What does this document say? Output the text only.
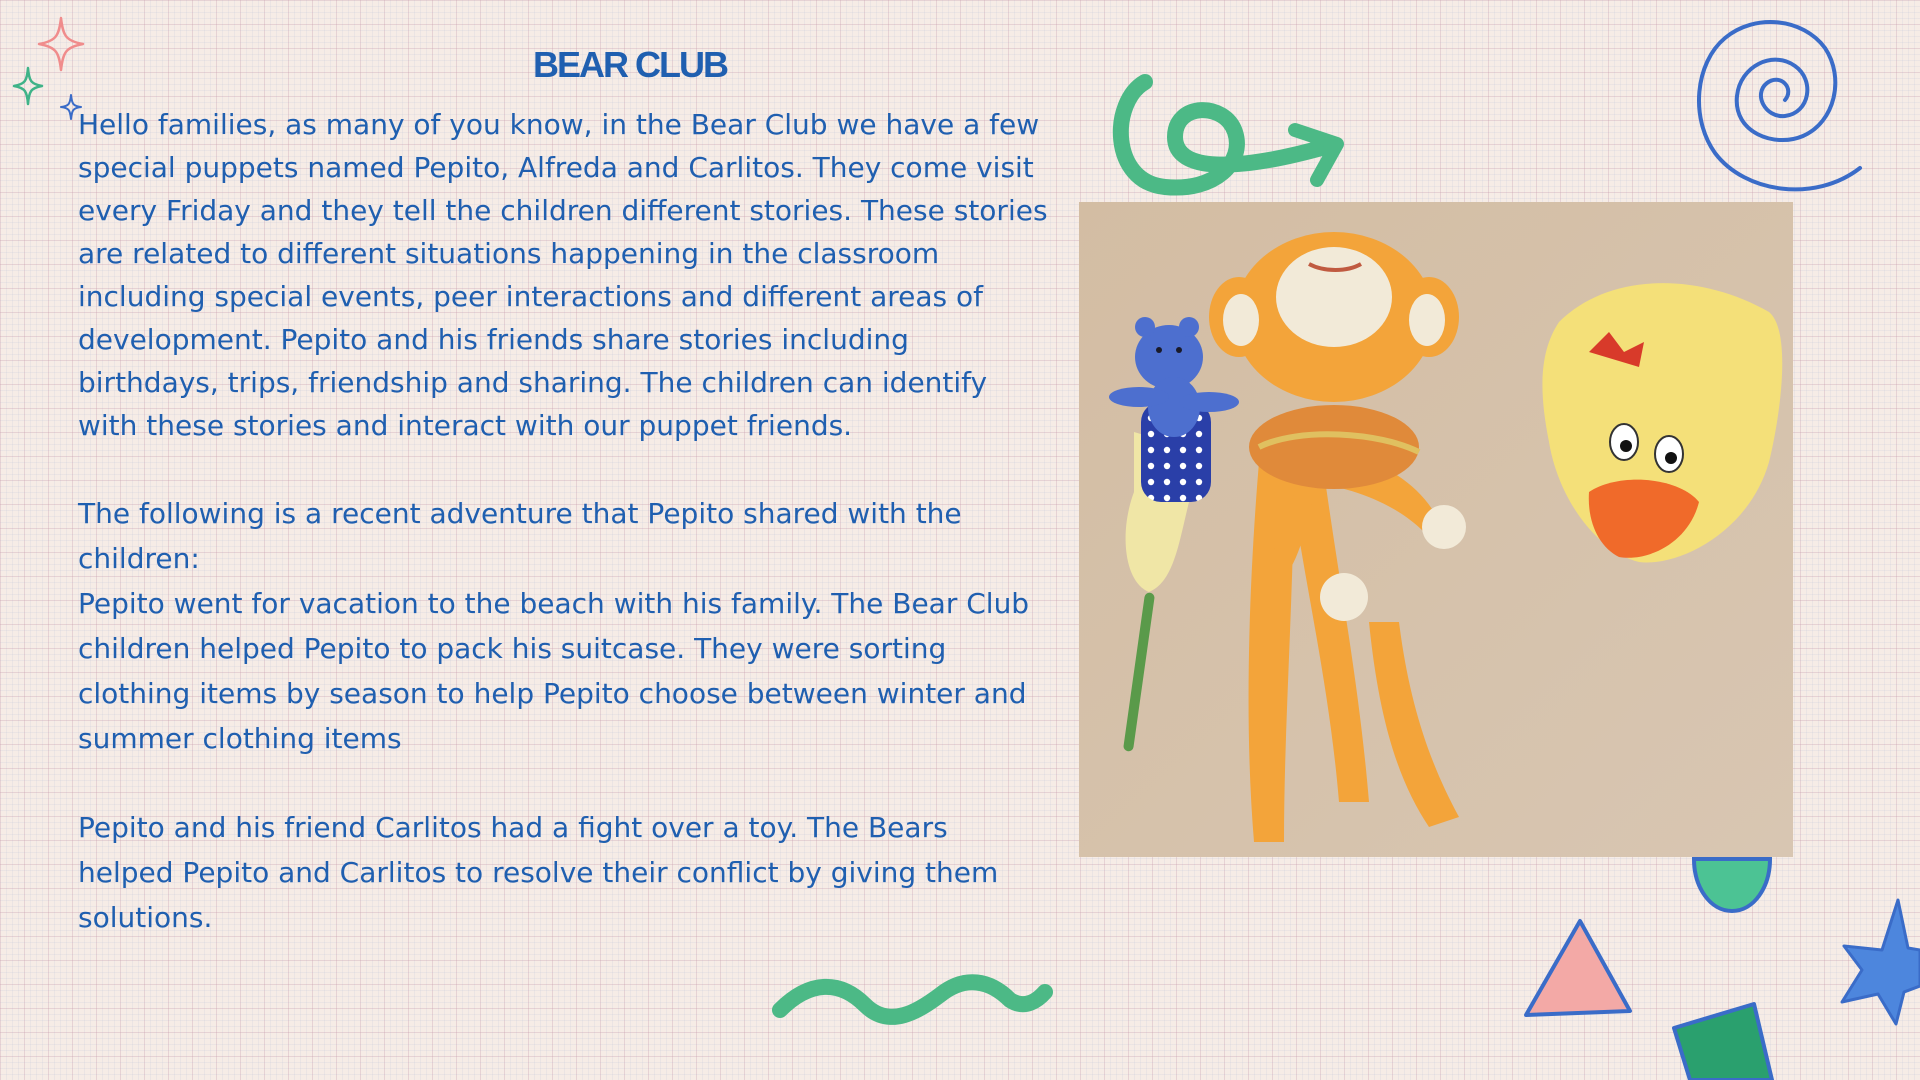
BEAR CLUB

Hello families, as many of you know, in the Bear Club we have a few special puppets named Pepito, Alfreda and Carlitos. They come visit every Friday and they tell the children different stories. These stories are related to different situations happening in the classroom including special events, peer interactions and different areas of development. Pepito and his friends share stories including birthdays, trips, friendship and sharing. The children can identify with these stories and interact with our puppet friends.

The following is a recent adventure that Pepito shared with the children:
Pepito went for vacation to the beach with his family. The Bear Club children helped Pepito to pack his suitcase. They were sorting clothing items by season to help Pepito choose between winter and summer clothing items

Pepito and his friend Carlitos had a fight over a toy. The Bears helped Pepito and Carlitos to resolve their conflict by giving them solutions.
